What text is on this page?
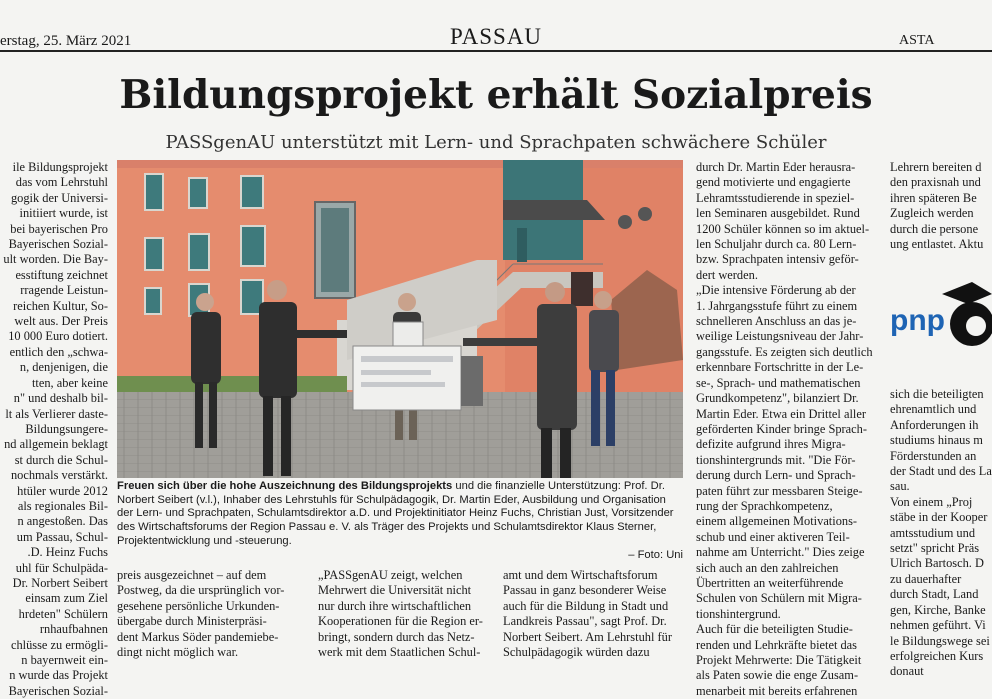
erstag, 25. März 2021	PASSAU	ASTA
Bildungsprojekt erhält Sozialpreis
PASSgenAU unterstützt mit Lern- und Sprachpaten schwächere Schüler
ile Bildungsprojekt
das vom Lehrstuhl
gogik der Universi-
initiiert wurde, ist
bei bayerischen Pro
Bayerischen Sozial-
ult worden. Die Bay-
esstiftung zeichnet
rragende Leistun-
reichen Kultur, So-
welt aus. Der Preis
10 000 Euro dotiert.
entlich den „schwa-
n, denjenigen, die
tten, aber keine
n" und deshalb bil-
lt als Verlierer daste-
Bildungsungere-
nd allgemein beklagt
st durch die Schul-
nochmals verstärkt.
htüler wurde 2012
als regionales Bil-
n angestoßen. Das
um Passau, Schul-
.D. Heinz Fuchs
uhl für Schulpäda-
Dr. Norbert Seibert
einsam zum Ziel
hrdeten" Schülern
rnhaufbahnen
chlüsse zu ermögli-
n bayernweit ein-
n wurde das Projekt
Bayerischen Sozial-
Freuen sich über die hohe Auszeichnung des Bildungsprojekts und die finanzielle Unterstützung: Prof. Dr. Norbert Seibert (v.l.), Inhaber des Lehrstuhls für Schulpädagogik, Dr. Martin Eder, Ausbildung und Organisation der Lern- und Sprachpaten, Schulamtsdirektor a.D. und Projektinitiator Heinz Fuchs, Christian Just, Vorsitzender des Wirtschaftsforums der Region Passau e. V. als Träger des Projekts und Schulamtsdirektor Klaus Sterner, Projektentwicklung und -steuerung.
– Foto: Uni
durch Dr. Martin Eder herausra-
gend motivierte und engagierte
Lehramtsstudierende in speziel-
len Seminaren ausgebildet. Rund
1200 Schüler können so im aktuel-
len Schuljahr durch ca. 80 Lern-
bzw. Sprachpaten intensiv geför-
dert werden.
„Die intensive Förderung ab der
1. Jahrgangsstufe führt zu einem
schnelleren Anschluss an das je-
weilige Leistungsniveau der Jahr-
gangsstufe. Es zeigten sich deutlich
erkennbare Fortschritte in der Le-
se-, Sprach- und mathematischen
Grundkompetenz", bilanziert Dr.
Martin Eder. Etwa ein Drittel aller
geförderten Kinder bringe Sprach-
defizite aufgrund ihres Migra-
tionshintergrunds mit. "Die För-
derung durch Lern- und Sprach-
paten führt zur messbaren Steige-
rung der Sprachkompetenz,
einem allgemeinen Motivations-
schub und einer aktiveren Teil-
nahme am Unterricht." Dies zeige
sich auch an den zahlreichen
Übertritten an weiterführende
Schulen von Schülern mit Migra-
tionshintergrund.
Auch für die beteiligten Studie-
renden und Lehrkräfte bietet das
Projekt Mehrwerte: Die Tätigkeit
als Paten sowie die enge Zusam-
menarbeit mit bereits erfahrenen
Lehrern bereiten d
den praxisnah und
ihren späteren Be
Zugleich werden
durch die persone
ung entlastet. Aktu
pnp
sich die beteiligten
ehrenamtlich und
Anforderungen ih
studiums hinaus m
Förderstunden an
der Stadt und des La
sau.
Von einem „Proj
stäbe in der Kooper
amtsstudium und
setzt" spricht Präs
Ulrich Bartosch. D
zu dauerhafter
durch Stadt, Land
gen, Kirche, Banke
nehmen geführt. Vi
le Bildungswege sei
erfolgreichen Kurs
donaut
preis ausgezeichnet – auf dem
Postweg, da die ursprünglich vor-
gesehene persönliche Urkunden-
übergabe durch Ministerpräsi-
dent Markus Söder pandemiebe-
dingt nicht möglich war.
„PASSgenAU zeigt, welchen
Mehrwert die Universität nicht
nur durch ihre wirtschaftlichen
Kooperationen für die Region er-
bringt, sondern durch das Netz-
werk mit dem Staatlichen Schul-
amt und dem Wirtschaftsforum
Passau in ganz besonderer Weise
auch für die Bildung in Stadt und
Landkreis Passau", sagt Prof. Dr.
Norbert Seibert. Am Lehrstuhl für
Schulpädagogik würden dazu
